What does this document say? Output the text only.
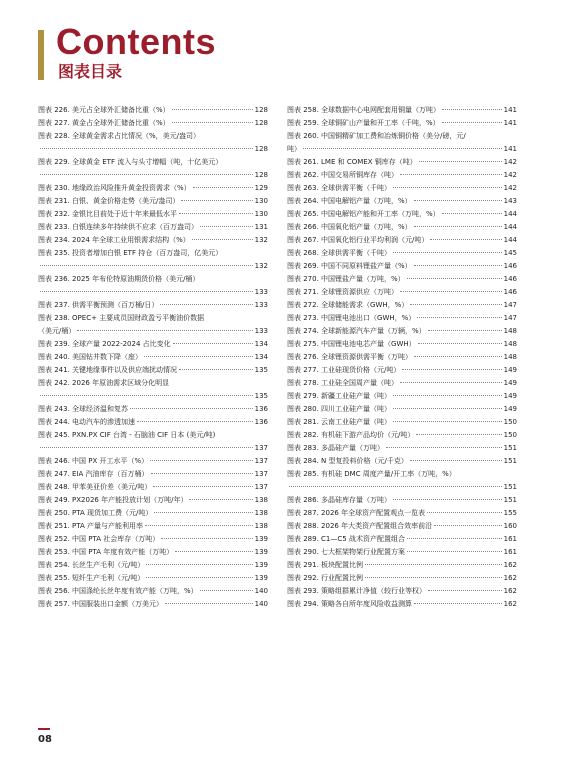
Contents
图表目录
图表 226. 美元占全球外汇储备比重（%）	128
图表 227. 黄金占全球外汇储备比重（%）	128
图表 228. 全球黄金需求占比情况（%，美元/盎司）
128
图表 229. 全球黄金 ETF 流入与头寸增幅（吨，十亿美元）
128
图表 230. 地缘政治风险推升黄金投资需求（%）	129
图表 231. 白银、黄金价格走势（美元/盎司）	130
图表 232. 金银比目前处于近十年来最低水平	130
图表 233. 白银连续多年持续供不应求（百万盎司）	131
图表 234. 2024 年全球工业用银需求结构（%）	132
图表 235. 投资者增加白银 ETF 持仓（百万盎司，亿美元）
132
图表 236. 2025 年布伦特原油期货价格（美元/桶）
133
图表 237. 供需平衡预测（百万桶/日）	133
图表 238. OPEC+ 主要成员国财政盈亏平衡油价数据
（美元/桶）	133
图表 239. 全球产量 2022-2024 占比变化	134
图表 240. 美国钻井数下降（座）	134
图表 241. 关键地缘事件以及供应端扰动情况	135
图表 242. 2026 年原油需求区域分化明显
135
图表 243. 全球经济温和复苏	136
图表 244. 电动汽车的渗透加速	136
图表 245. PXN.PX CIF 台湾 - 石脑油 CIF 日本 (美元/吨)
137
图表 246. 中国 PX 开工水平（%）	137
图表 247. EIA 汽油库存（百万桶）	137
图表 248. 甲苯美亚价差（美元/吨）	137
图表 249. PX2026 年产能投放计划（万吨/年）	138
图表 250. PTA 现货加工费（元/吨）	138
图表 251. PTA 产量与产能利用率	138
图表 252. 中国 PTA 社会库存（万吨）	139
图表 253. 中国 PTA 年度有效产能（万吨）	139
图表 254. 长丝生产毛利（元/吨）	139
图表 255. 短纤生产毛利（元/吨）	139
图表 256. 中国涤纶长丝年度有效产能（万吨，%）	140
图表 257. 中国服装出口金额（万美元）	140
图表 258. 全球数据中心电网配套用铜量（万吨）	141
图表 259. 全球铜矿山产量和开工率（千吨，%）	141
图表 260. 中国铜精矿加工费和冶炼铜价格（美分/磅，元/
吨）	141
图表 261. LME 和 COMEX 铜库存（吨）	142
图表 262. 中国交易所铜库存（吨）	142
图表 263. 全球供需平衡（千吨）	142
图表 264. 中国电解铝产量（万吨，%）	143
图表 265. 中国电解铝产能和开工率（万吨，%）	144
图表 266. 中国氧化铝产量（万吨，%）	144
图表 267. 中国氧化铝行业平均利润（元/吨）	144
图表 268. 全球供需平衡（千吨）	145
图表 269. 中国不同原料锂盐产量（%）	146
图表 270. 中国锂盐产量（万吨，%）	146
图表 271. 全球锂资源供应（万吨）	146
图表 272. 全球储能需求（GWH，%）	147
图表 273. 中国锂电池出口（GWH，%）	147
图表 274. 全球新能源汽车产量（万辆，%）	148
图表 275. 中国锂电池电芯产量（GWH）	148
图表 276. 全球锂资源供需平衡（万吨）	148
图表 277. 工业硅现货价格（元/吨）	149
图表 278. 工业硅全国周产量（吨）	149
图表 279. 新疆工业硅产量（吨）	149
图表 280. 四川工业硅产量（吨）	149
图表 281. 云南工业硅产量（吨）	150
图表 282. 有机硅下游产品均价（元/吨）	150
图表 283. 多晶硅产量（万吨）	151
图表 284. N 型复投料价格（元/千克）	151
图表 285. 有机硅 DMC 周度产量/开工率（万吨，%）
151
图表 286. 多晶硅库存量（万吨）	151
图表 287. 2026 年全球资产配置观点一览表	155
图表 288. 2026 年大类资产配置组合效率前沿	160
图表 289. C1—C5 战术资产配置组合	161
图表 290. 七大框架物架行业配置方案	161
图表 291. 板块配置比例	162
图表 292. 行业配置比例	162
图表 293. 策略组群累计净值（较行业等权）	162
图表 294. 策略各自所年度风险收益测算	162
08
